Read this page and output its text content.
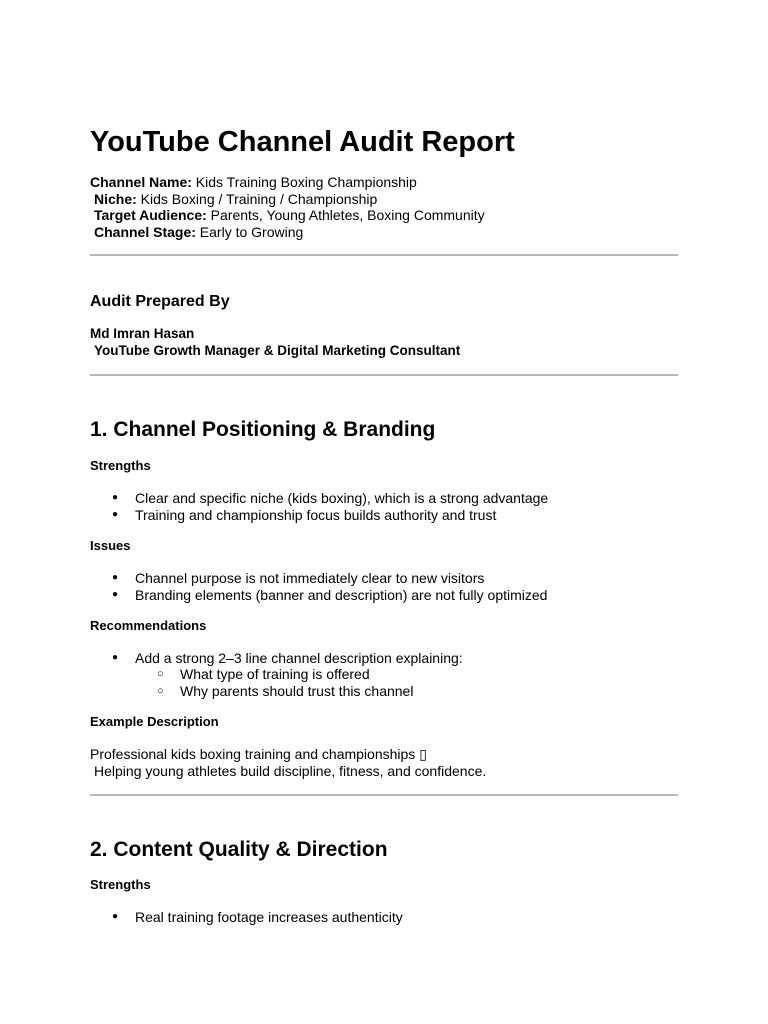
YouTube Channel Audit Report
Channel Name: Kids Training Boxing Championship
Niche: Kids Boxing / Training / Championship
Target Audience: Parents, Young Athletes, Boxing Community
Channel Stage: Early to Growing
Audit Prepared By
Md Imran Hasan
YouTube Growth Manager & Digital Marketing Consultant
1. Channel Positioning & Branding
Strengths
● Clear and specific niche (kids boxing), which is a strong advantage
● Training and championship focus builds authority and trust
Issues
● Channel purpose is not immediately clear to new visitors
● Branding elements (banner and description) are not fully optimized
Recommendations
● Add a strong 2–3 line channel description explaining:
○ What type of training is offered
○ Why parents should trust this channel
Example Description
Professional kids boxing training and championships ▯
Helping young athletes build discipline, fitness, and confidence.
2. Content Quality & Direction
Strengths
● Real training footage increases authenticity
